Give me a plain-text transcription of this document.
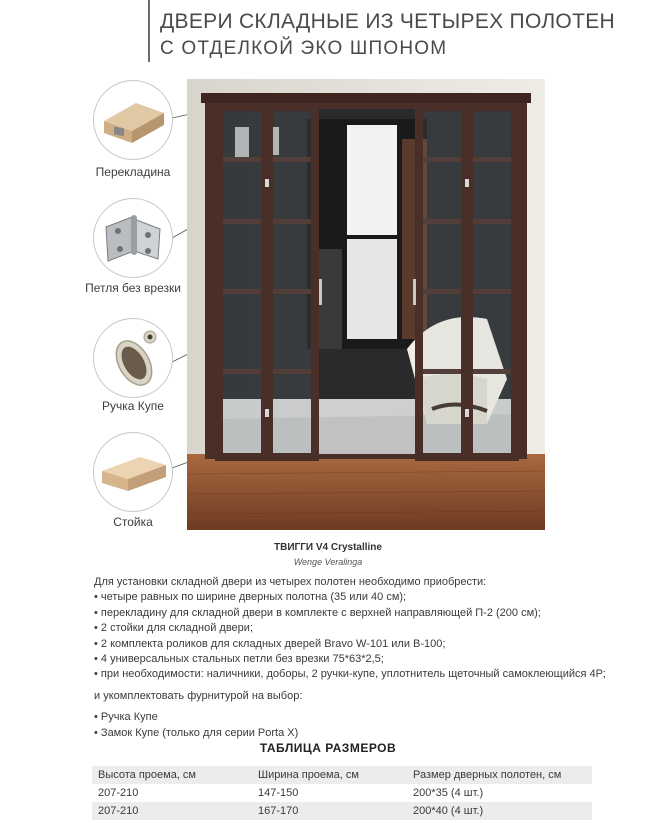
ДВЕРИ СКЛАДНЫЕ ИЗ ЧЕТЫРЕХ ПОЛОТЕН
С ОТДЕЛКОЙ ЭКО ШПОНОМ
Перекладина
Петля без врезки
Ручка Купе
Стойка
ТВИГГИ V4 Crystalline
Wenge Veralinga
Для установки складной двери из четырех полотен необходимо приобрести:
• четыре равных по ширине дверных полотна (35 или 40 см);
• перекладину для складной двери в комплекте с верхней направляющей П-2 (200 см);
• 2 стойки для складной двери;
• 2 комплекта роликов для складных дверей Bravo W-101 или B-100;
• 4 универсальных стальных петли без врезки 75*63*2,5;
• при необходимости: наличники, доборы, 2 ручки-купе, уплотнитель щеточный самоклеющийся 4Р;
и укомплектовать фурнитурой на выбор:
• Ручка Купе
• Замок Купе (только для серии Porta X)
ТАБЛИЦА РАЗМЕРОВ
Высота проема, см	Ширина проема, см	Размер дверных полотен, см
207-210	147-150	200*35 (4 шт.)
207-210	167-170	200*40 (4 шт.)
